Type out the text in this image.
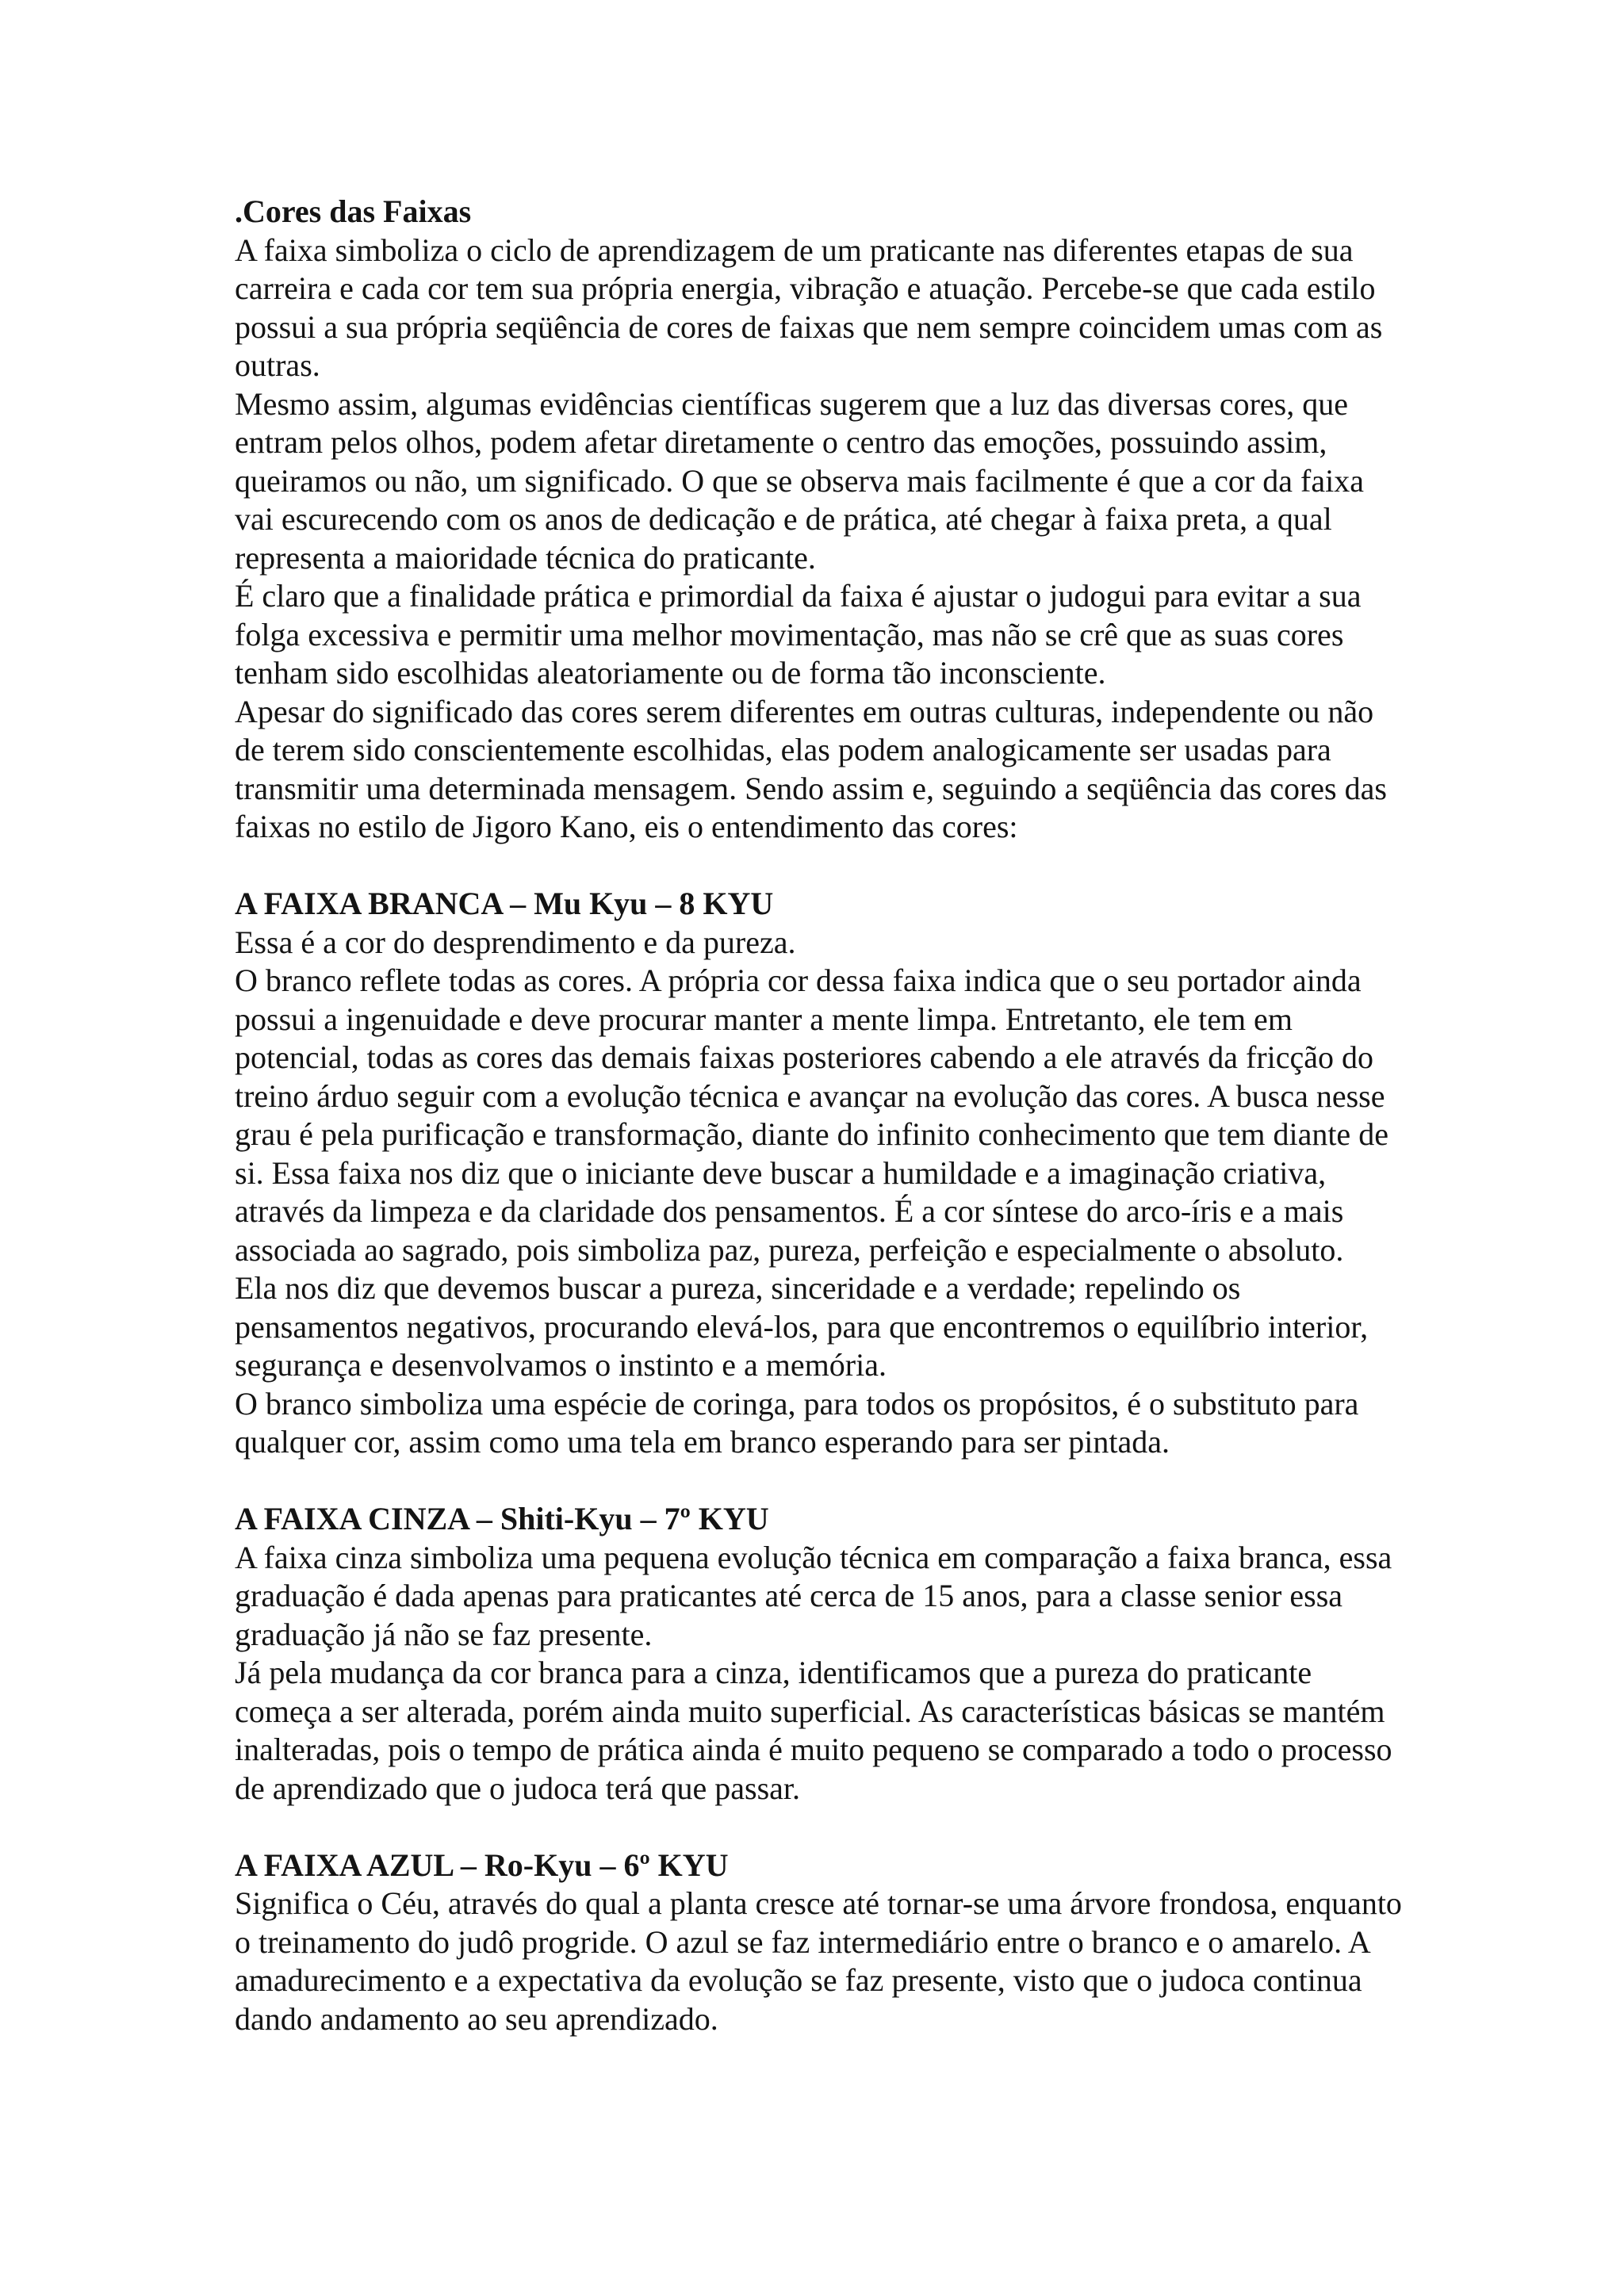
.Cores das Faixas

A faixa simboliza o ciclo de aprendizagem de um praticante nas diferentes etapas de sua carreira e cada cor tem sua própria energia, vibração e atuação. Percebe-se que cada estilo possui a sua própria seqüência de cores de faixas que nem sempre coincidem umas com as outras.

Mesmo assim, algumas evidências científicas sugerem que a luz das diversas cores, que entram pelos olhos, podem afetar diretamente o centro das emoções, possuindo assim, queiramos ou não, um significado. O que se observa mais facilmente é que a cor da faixa vai escurecendo com os anos de dedicação e de prática, até chegar à faixa preta, a qual representa a maioridade técnica do praticante.

É claro que a finalidade prática e primordial da faixa é ajustar o judogui para evitar a sua folga excessiva e permitir uma melhor movimentação, mas não se crê que as suas cores tenham sido escolhidas aleatoriamente ou de forma tão inconsciente.

Apesar do significado das cores serem diferentes em outras culturas, independente ou não de terem sido conscientemente escolhidas, elas podem analogicamente ser usadas para transmitir uma determinada mensagem. Sendo assim e, seguindo a seqüência das cores das faixas no estilo de Jigoro Kano, eis o entendimento das cores:

A FAIXA BRANCA – Mu Kyu – 8 KYU

Essa é a cor do desprendimento e da pureza.

O branco reflete todas as cores. A própria cor dessa faixa indica que o seu portador ainda possui a ingenuidade e deve procurar manter a mente limpa. Entretanto, ele tem em potencial, todas as cores das demais faixas posteriores cabendo a ele através da fricção do treino árduo seguir com a evolução técnica e avançar na evolução das cores. A busca nesse grau é pela purificação e transformação, diante do infinito conhecimento que tem diante de si. Essa faixa nos diz que o iniciante deve buscar a humildade e a imaginação criativa, através da limpeza e da claridade dos pensamentos. É a cor síntese do arco-íris e a mais associada ao sagrado, pois simboliza paz, pureza, perfeição e especialmente o absoluto.

Ela nos diz que devemos buscar a pureza, sinceridade e a verdade; repelindo os pensamentos negativos, procurando elevá-los, para que encontremos o equilíbrio interior, segurança e desenvolvamos o instinto e a memória.

O branco simboliza uma espécie de coringa, para todos os propósitos, é o substituto para qualquer cor, assim como uma tela em branco esperando para ser pintada.

A FAIXA CINZA – Shiti-Kyu – 7º KYU

A faixa cinza simboliza uma pequena evolução técnica em comparação a faixa branca, essa graduação é dada apenas para praticantes até cerca de 15 anos, para a classe senior essa graduação já não se faz presente.

Já pela mudança da cor branca para a cinza, identificamos que a pureza do praticante começa a ser alterada, porém ainda muito superficial. As características básicas se mantém inalteradas, pois o tempo de prática ainda é muito pequeno se comparado a todo o processo de aprendizado que o judoca terá que passar.

A FAIXA AZUL – Ro-Kyu – 6º KYU

Significa o Céu, através do qual a planta cresce até tornar-se uma árvore frondosa, enquanto o treinamento do judô progride. O azul se faz intermediário entre o branco e o amarelo. A amadurecimento e a expectativa da evolução se faz presente, visto que o judoca continua dando andamento ao seu aprendizado.
